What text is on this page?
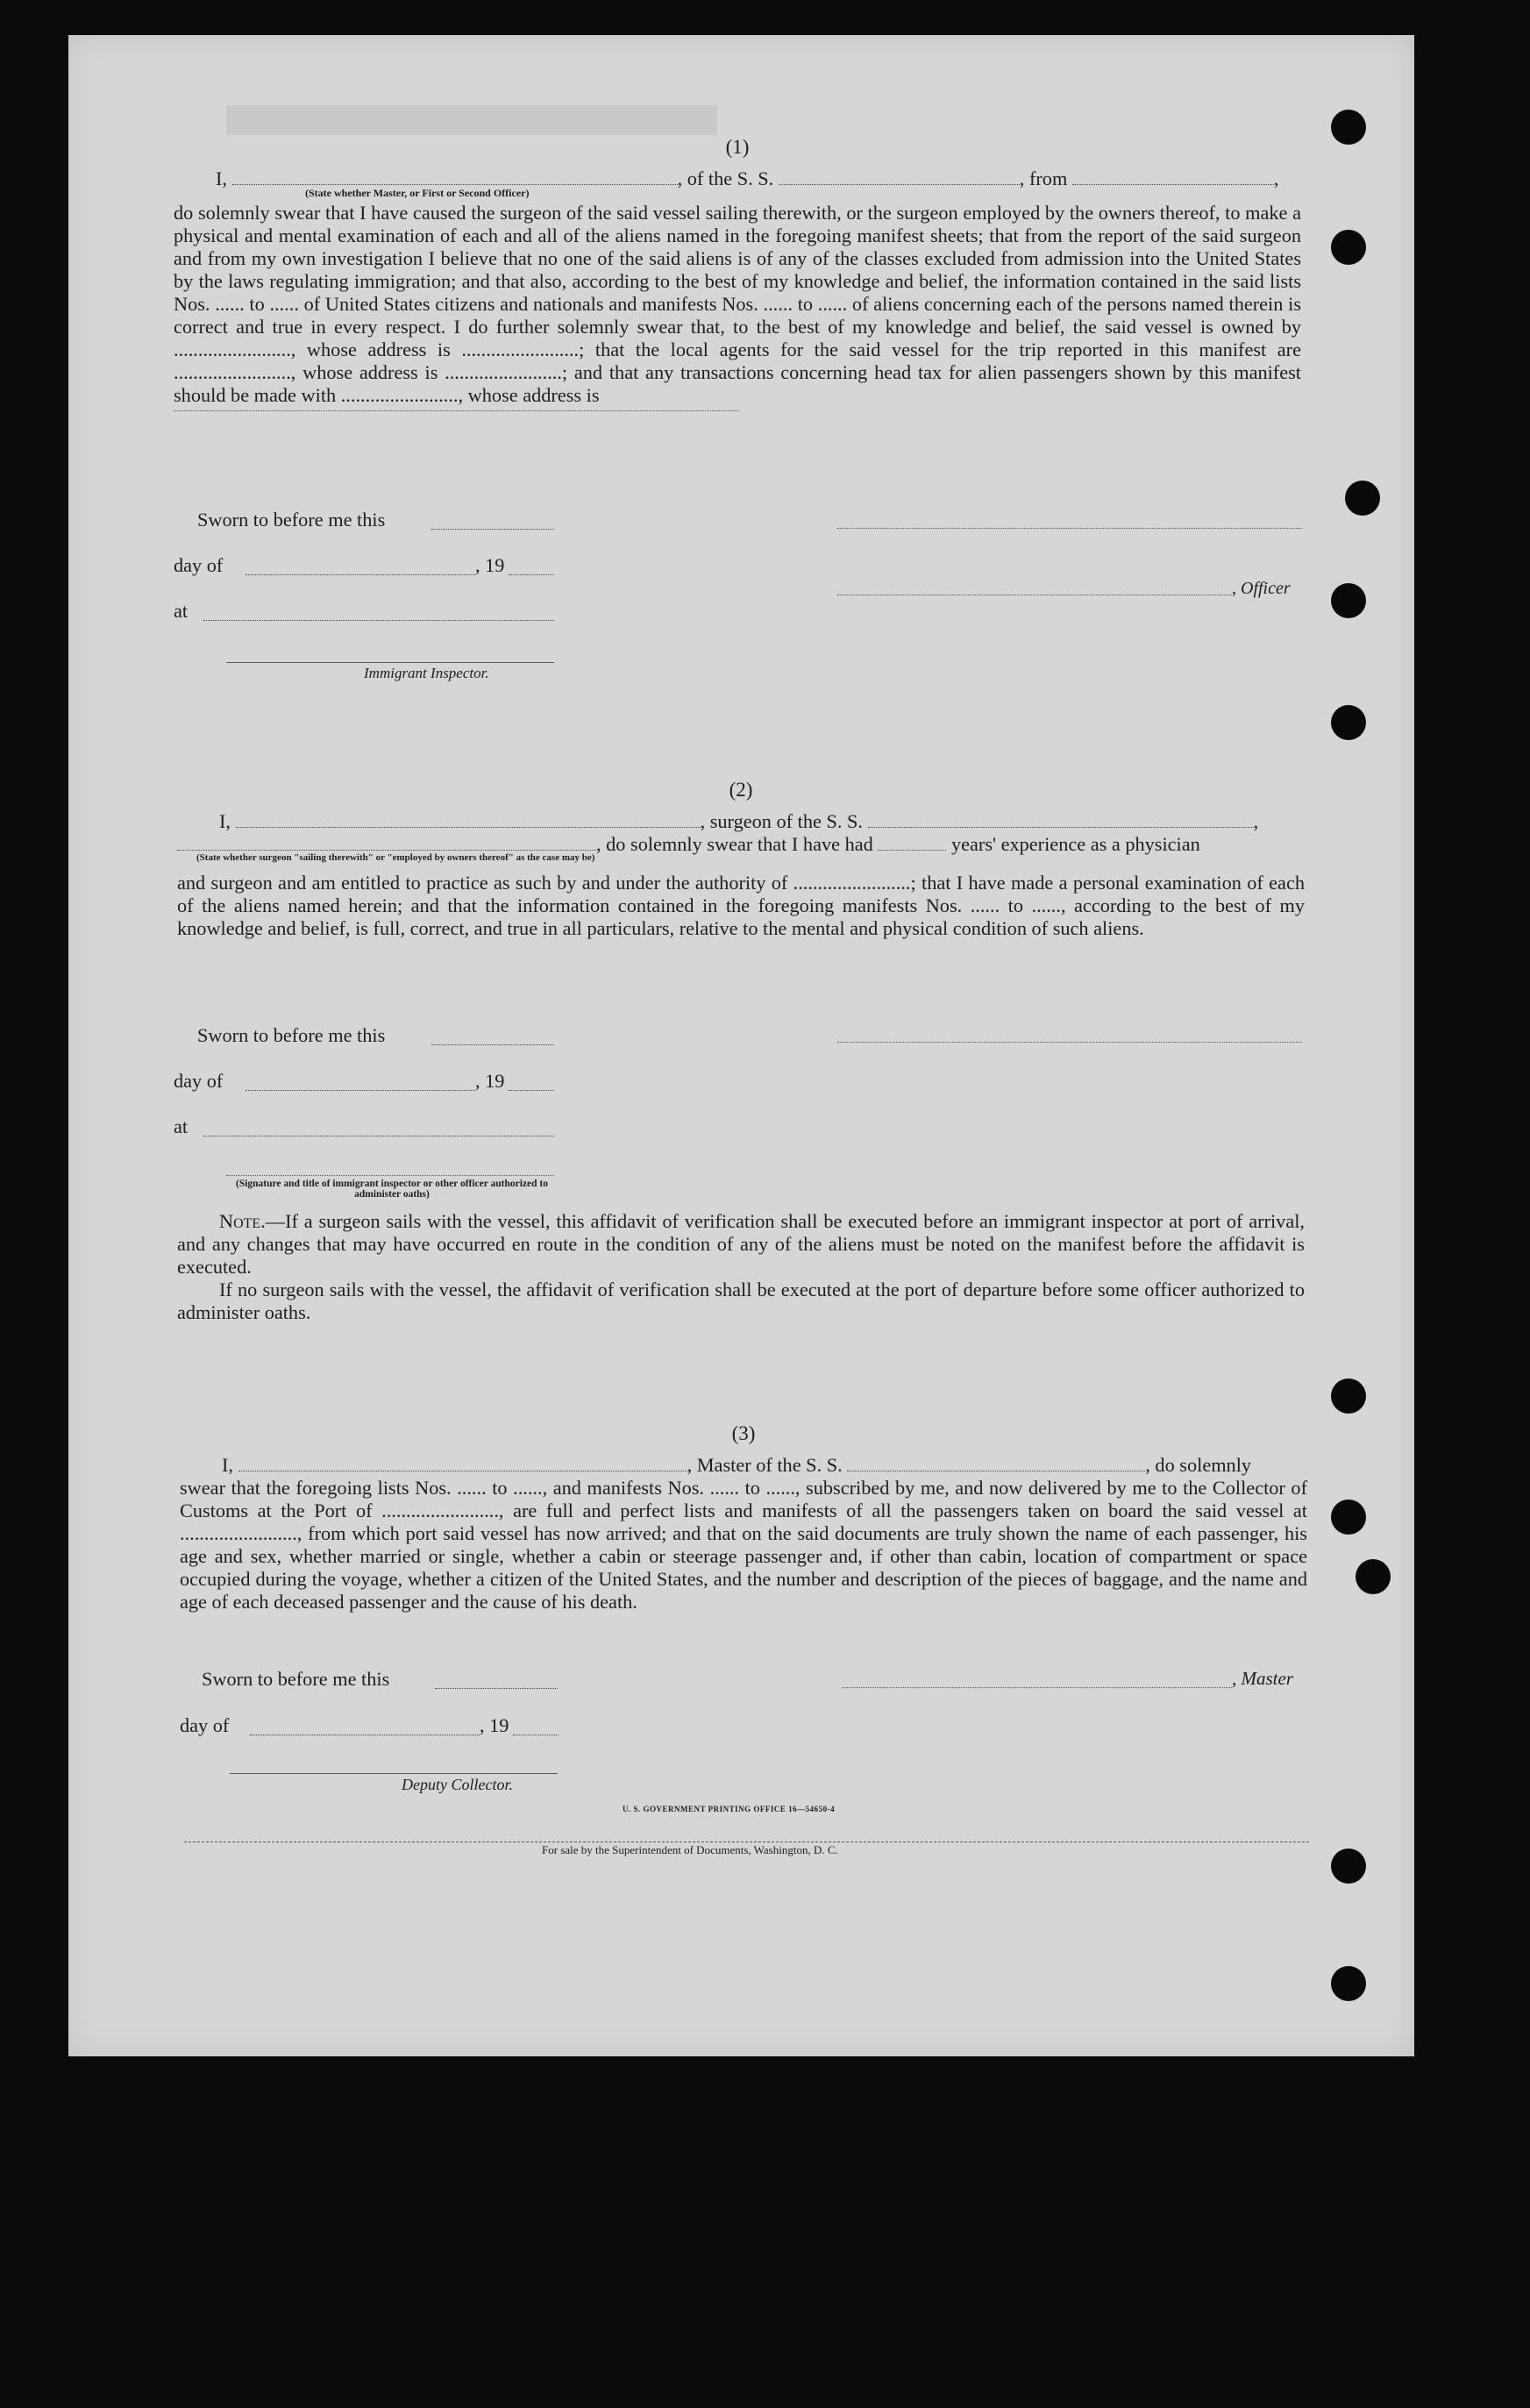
(1)
I,	, of the S. S.	, from	,
(State whether Master, or First or Second Officer)

do solemnly swear that I have caused the surgeon of the said vessel sailing therewith, or the surgeon employed by the owners thereof, to make a physical and mental examination of each and all of the aliens named in the foregoing manifest sheets; that from the report of the said surgeon and from my own investigation I believe that no one of the said aliens is of any of the classes excluded from admission into the United States by the laws regulating immigration; and that also, according to the best of my knowledge and belief, the information contained in the said lists Nos. ...... to ...... of United States citizens and nationals and manifests Nos. ...... to ...... of aliens concerning each of the persons named therein is correct and true in every respect. I do further solemnly swear that, to the best of my knowledge and belief, the said vessel is owned by ........................, whose address is ........................; that the local agents for the said vessel for the trip reported in this manifest are ........................, whose address is ........................; and that any transactions concerning head tax for alien passengers shown by this manifest should be made with ........................, whose address is

Sworn to before me this
day of	, 19
at
Immigrant Inspector.
, Officer
(2)
I,	, surgeon of the S. S.	,
, do solemnly swear that I have had	years' experience as a physician
(State whether surgeon "sailing therewith" or "employed by owners thereof" as the case may be)

and surgeon and am entitled to practice as such by and under the authority of ........................; that I have made a personal examination of each of the aliens named herein; and that the information contained in the foregoing manifests Nos. ...... to ......, according to the best of my knowledge and belief, is full, correct, and true in all particulars, relative to the mental and physical condition of such aliens.

Sworn to before me this
day of	, 19
at
(Signature and title of immigrant inspector or other officer authorized to administer oaths)

Note.—If a surgeon sails with the vessel, this affidavit of verification shall be executed before an immigrant inspector at port of arrival, and any changes that may have occurred en route in the condition of any of the aliens must be noted on the manifest before the affidavit is executed.

If no surgeon sails with the vessel, the affidavit of verification shall be executed at the port of departure before some officer authorized to administer oaths.

(3)
I,	, Master of the S. S.	, do solemnly

swear that the foregoing lists Nos. ...... to ......, and manifests Nos. ...... to ......, subscribed by me, and now delivered by me to the Collector of Customs at the Port of ........................, are full and perfect lists and manifests of all the passengers taken on board the said vessel at ........................, from which port said vessel has now arrived; and that on the said documents are truly shown the name of each passenger, his age and sex, whether married or single, whether a cabin or steerage passenger and, if other than cabin, location of compartment or space occupied during the voyage, whether a citizen of the United States, and the number and description of the pieces of baggage, and the name and age of each deceased passenger and the cause of his death.

Sworn to before me this	, Master
day of	, 19
Deputy Collector.
U. S. GOVERNMENT PRINTING OFFICE 16—54650-4
For sale by the Superintendent of Documents, Washington, D. C.
